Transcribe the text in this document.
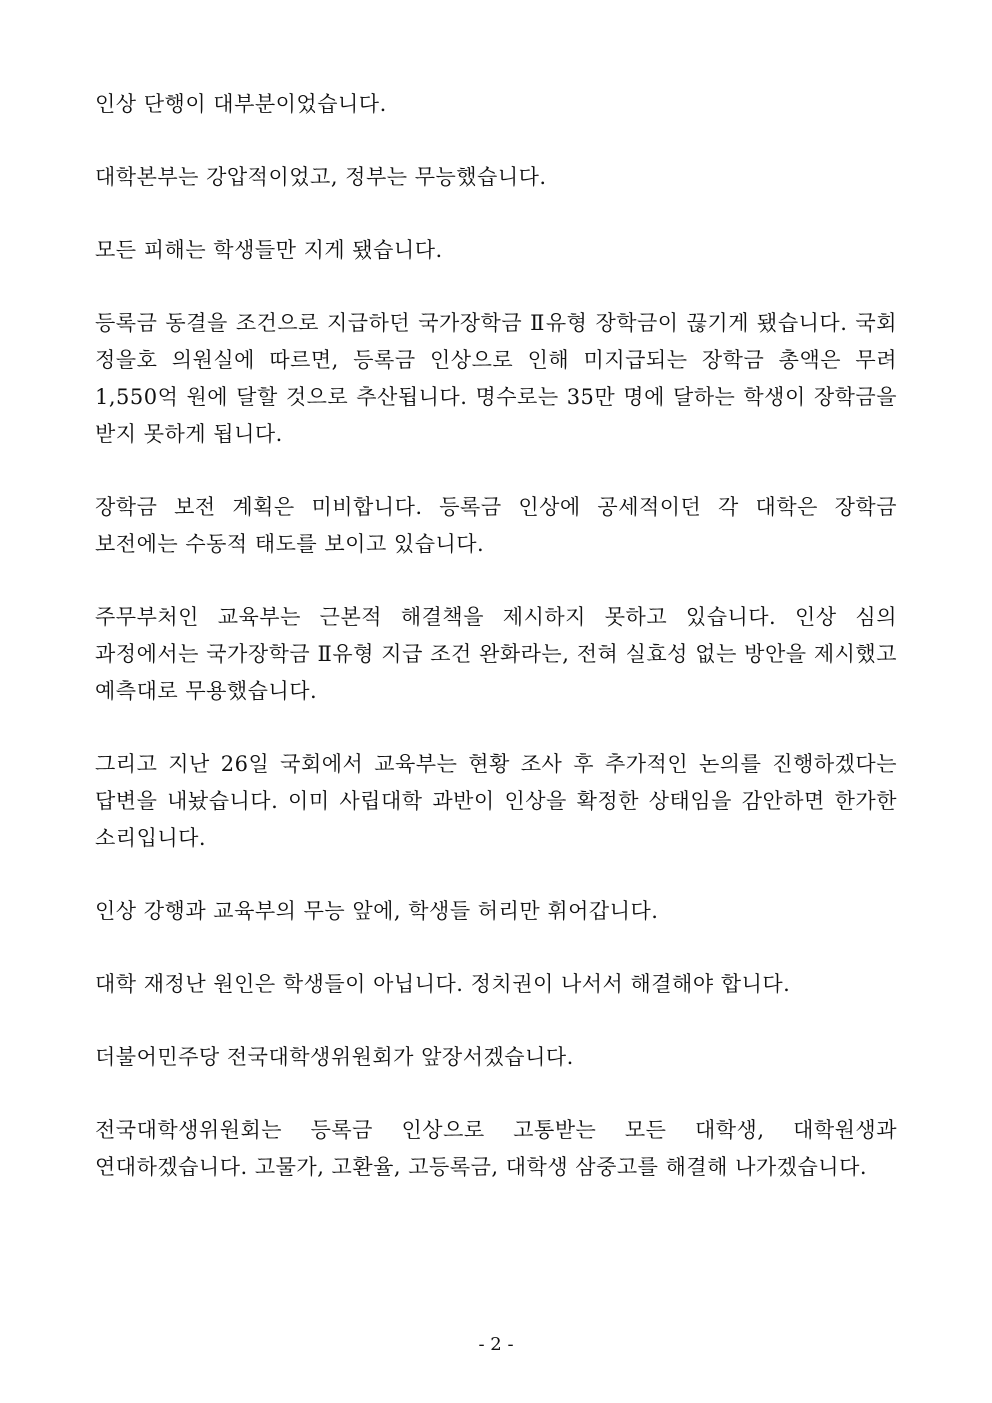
인상 단행이 대부분이었습니다.

대학본부는 강압적이었고, 정부는 무능했습니다.

모든 피해는 학생들만 지게 됐습니다.

등록금 동결을 조건으로 지급하던 국가장학금 Ⅱ유형 장학금이 끊기게 됐습니다. 국회 정을호 의원실에 따르면, 등록금 인상으로 인해 미지급되는 장학금 총액은 무려 1,550억 원에 달할 것으로 추산됩니다. 명수로는 35만 명에 달하는 학생이 장학금을 받지 못하게 됩니다.

장학금 보전 계획은 미비합니다. 등록금 인상에 공세적이던 각 대학은 장학금 보전에는 수동적 태도를 보이고 있습니다.

주무부처인 교육부는 근본적 해결책을 제시하지 못하고 있습니다. 인상 심의 과정에서는 국가장학금 Ⅱ유형 지급 조건 완화라는, 전혀 실효성 없는 방안을 제시했고 예측대로 무용했습니다.

그리고 지난 26일 국회에서 교육부는 현황 조사 후 추가적인 논의를 진행하겠다는 답변을 내놨습니다. 이미 사립대학 과반이 인상을 확정한 상태임을 감안하면 한가한 소리입니다.

인상 강행과 교육부의 무능 앞에, 학생들 허리만 휘어갑니다.

대학 재정난 원인은 학생들이 아닙니다. 정치권이 나서서 해결해야 합니다.

더불어민주당 전국대학생위원회가 앞장서겠습니다.

전국대학생위원회는 등록금 인상으로 고통받는 모든 대학생, 대학원생과 연대하겠습니다. 고물가, 고환율, 고등록금, 대학생 삼중고를 해결해 나가겠습니다.

- 2 -
